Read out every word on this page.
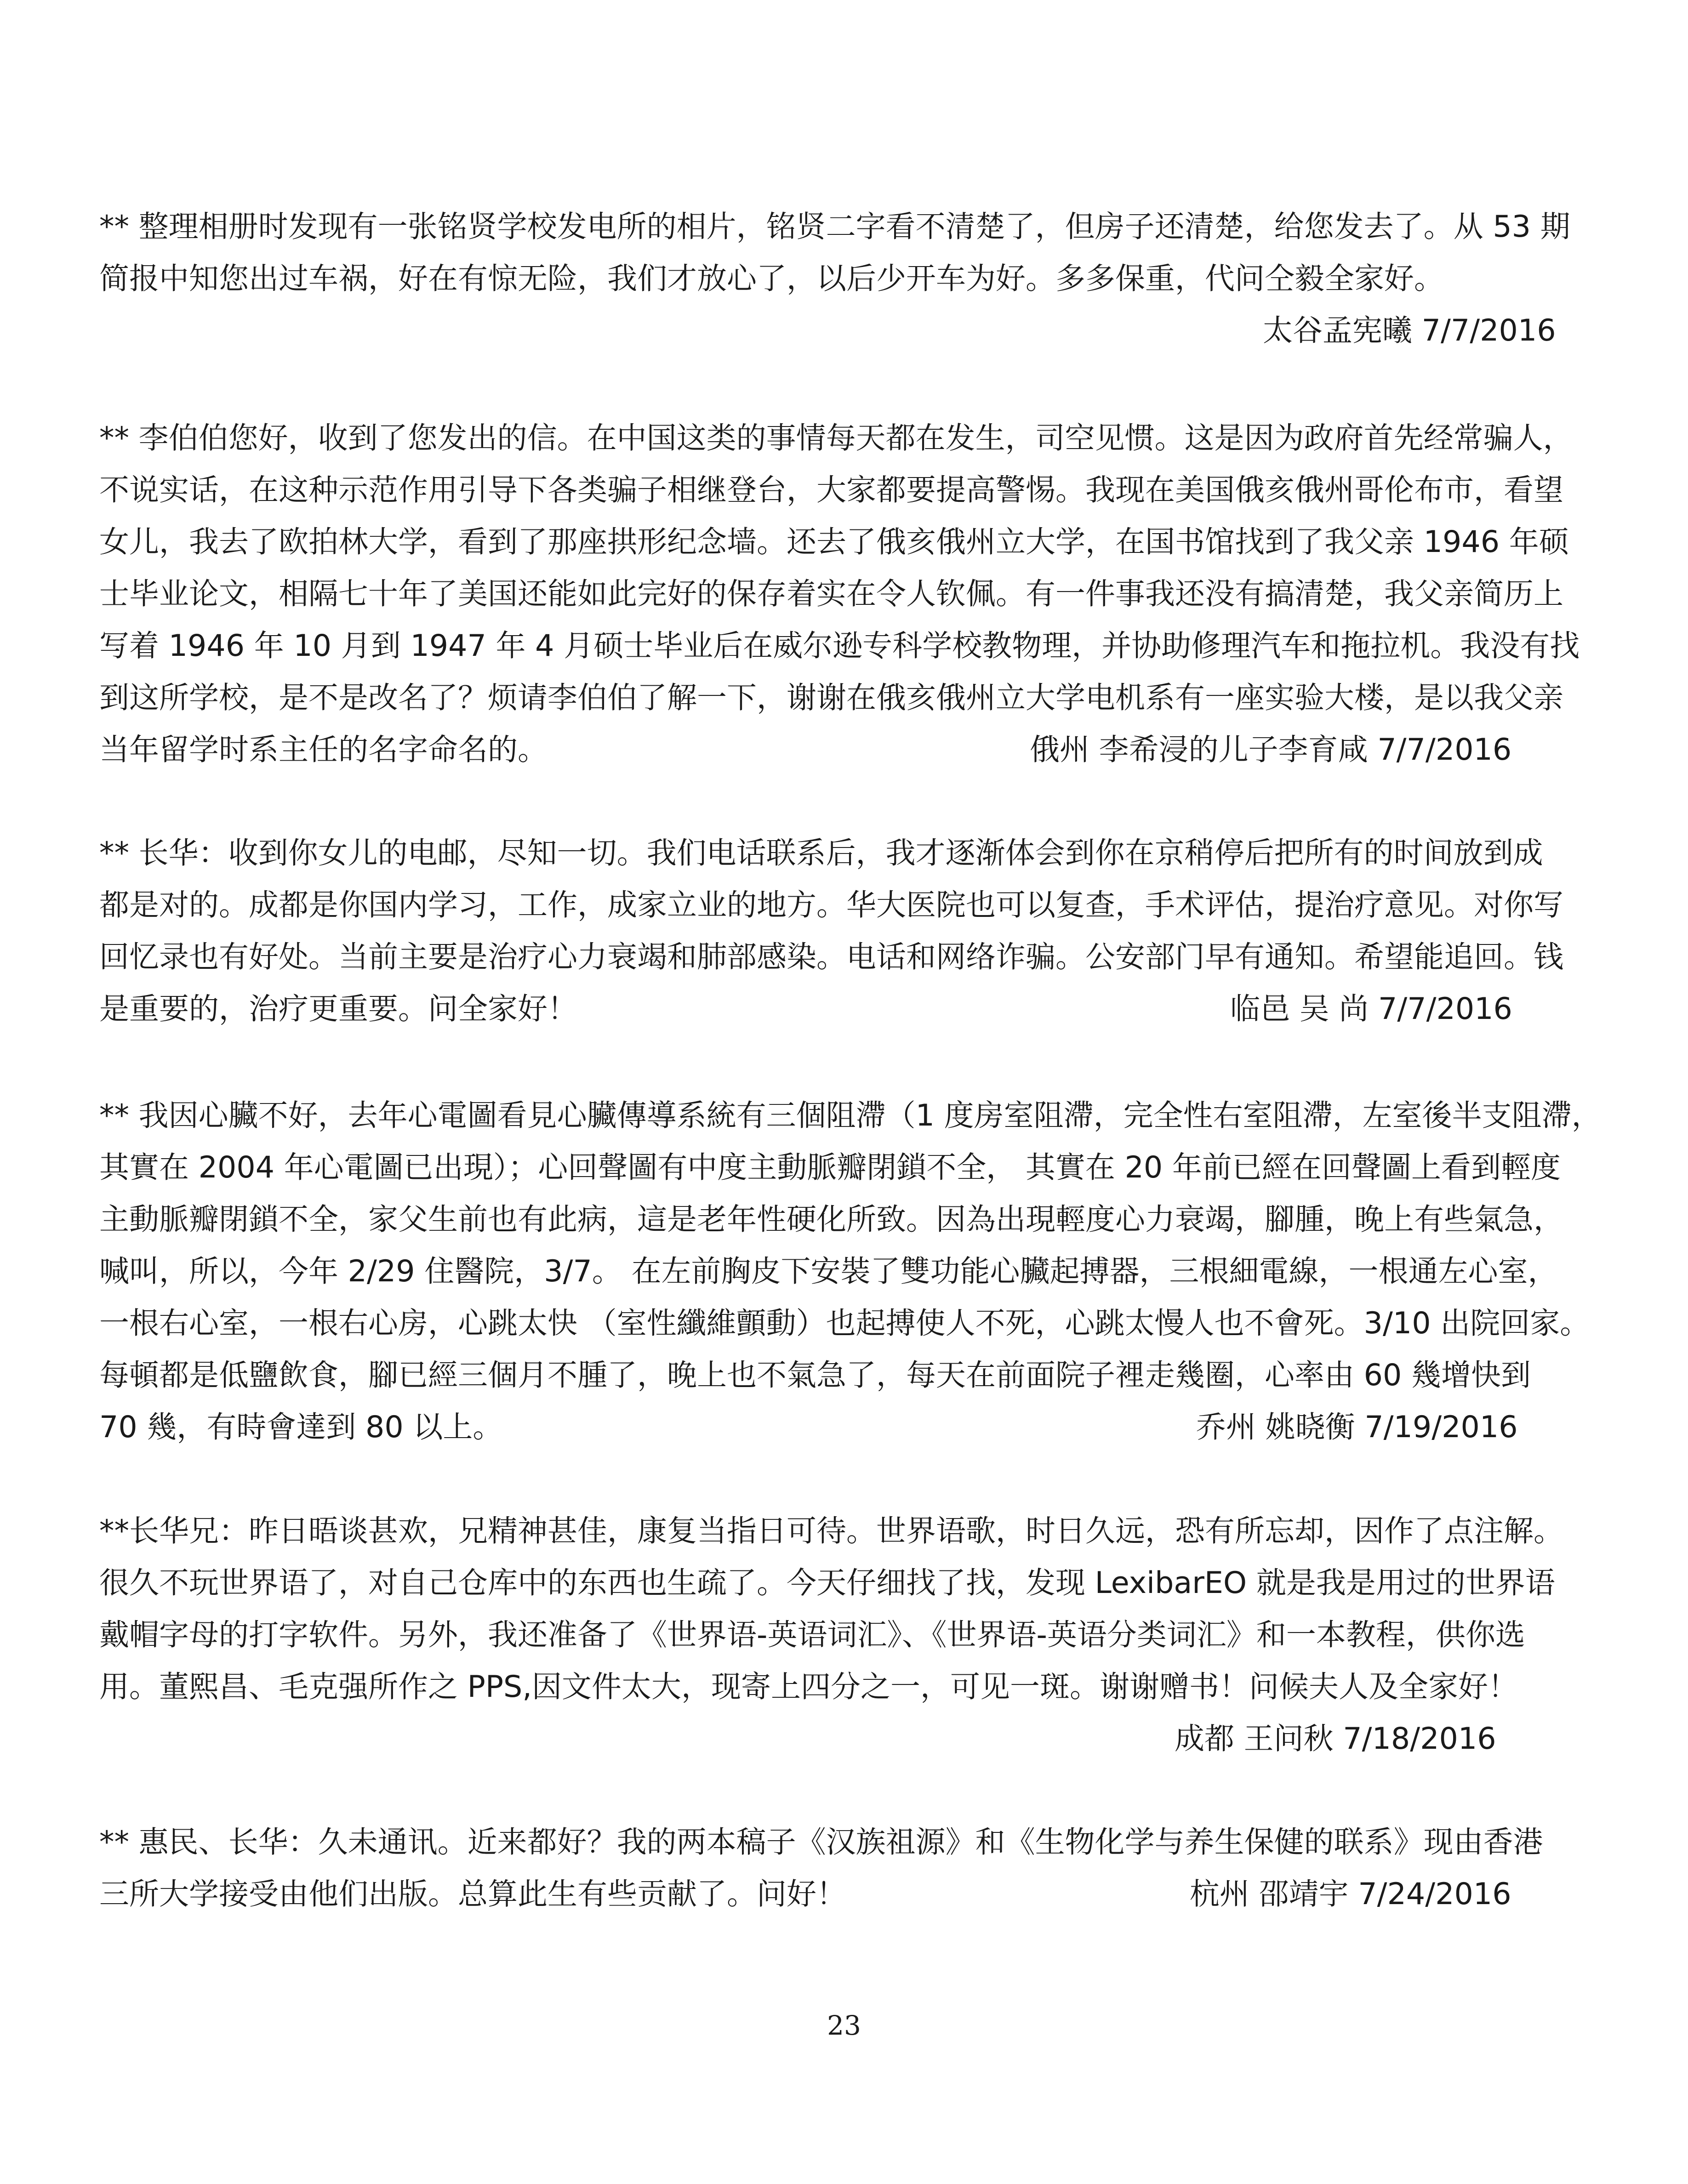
** 整理相册时发现有一张铭贤学校发电所的相片，铭贤二字看不清楚了，但房子还清楚，给您发去了。从 53 期
简报中知您出过车祸，好在有惊无险，我们才放心了，以后少开车为好。多多保重，代问仝毅全家好。
太谷孟宪曦 7/7/2016
** 李伯伯您好，收到了您发出的信。在中国这类的事情每天都在发生，司空见惯。这是因为政府首先经常骗人，
不说实话，在这种示范作用引导下各类骗子相继登台，大家都要提高警惕。我现在美国俄亥俄州哥伦布市，看望
女儿，我去了欧拍林大学，看到了那座拱形纪念墙。还去了俄亥俄州立大学，在国书馆找到了我父亲 1946 年硕
士毕业论文，相隔七十年了美国还能如此完好的保存着实在令人钦佩。有一件事我还没有搞清楚，我父亲简历上
写着 1946 年 10 月到 1947 年 4 月硕士毕业后在威尔逊专科学校教物理，并协助修理汽车和拖拉机。我没有找
到这所学校，是不是改名了？烦请李伯伯了解一下，谢谢在俄亥俄州立大学电机系有一座实验大楼，是以我父亲
当年留学时系主任的名字命名的。	俄州 李希浸的儿子李育咸 7/7/2016
** 长华：收到你女儿的电邮，尽知一切。我们电话联系后，我才逐渐体会到你在京稍停后把所有的时间放到成
都是对的。成都是你国内学习，工作，成家立业的地方。华大医院也可以复查，手术评估，提治疗意见。对你写
回忆录也有好处。当前主要是治疗心力衰竭和肺部感染。电话和网络诈骗。公安部门早有通知。希望能追回。钱
是重要的，治疗更重要。问全家好！	临邑 吴 尚 7/7/2016
** 我因心臟不好，去年心電圖看見心臟傳導系統有三個阻滯（1 度房室阻滯，完全性右室阻滯，左室後半支阻滯，
其實在 2004 年心電圖已出現）；心回聲圖有中度主動脈瓣閉鎖不全， 其實在 20 年前已經在回聲圖上看到輕度
主動脈瓣閉鎖不全，家父生前也有此病，這是老年性硬化所致。因為出現輕度心力衰竭，腳腫，晚上有些氣急，
喊叫，所以，今年 2/29 住醫院，3/7。 在左前胸皮下安裝了雙功能心臟起搏器，三根細電線，一根通左心室，
一根右心室，一根右心房，心跳太快 （室性纖維顫動）也起搏使人不死，心跳太慢人也不會死。3/10 出院回家。
每頓都是低鹽飲食，腳已經三個月不腫了，晚上也不氣急了，每天在前面院子裡走幾圈，心率由 60 幾增快到
70 幾，有時會達到 80 以上。	乔州 姚晓衡 7/19/2016
**长华兄：昨日晤谈甚欢，兄精神甚佳，康复当指日可待。世界语歌，时日久远，恐有所忘却，因作了点注解。
很久不玩世界语了，对自己仓库中的东西也生疏了。今天仔细找了找，发现 LexibarEO 就是我是用过的世界语
戴帽字母的打字软件。另外，我还准备了《世界语-英语词汇》、《世界语-英语分类词汇》和一本教程，供你选
用。董熙昌、毛克强所作之 PPS,因文件太大，现寄上四分之一，可见一斑。谢谢赠书！问候夫人及全家好！
成都 王问秋 7/18/2016
** 惠民、长华：久未通讯。近来都好？我的两本稿子《汉族祖源》和《生物化学与养生保健的联系》现由香港
三所大学接受由他们出版。总算此生有些贡献了。问好！	杭州 邵靖宇 7/24/2016
23
